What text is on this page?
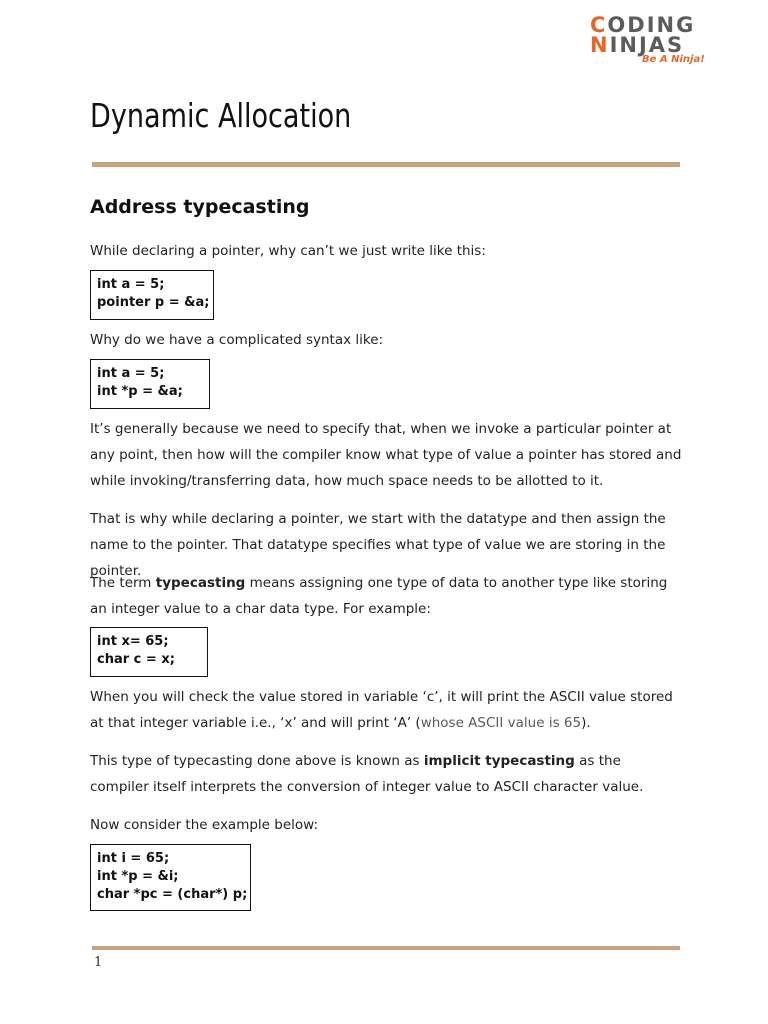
CODING
NINJAS
Be A Ninja!
Dynamic Allocation
Address typecasting

While declaring a pointer, why can’t we just write like this:

int a = 5;
pointer p = &a;

Why do we have a complicated syntax like:

int a = 5;
int *p = &a;

It’s generally because we need to specify that, when we invoke a particular pointer at any point, then how will the compiler know what type of value a pointer has stored and while invoking/transferring data, how much space needs to be allotted to it.

That is why while declaring a pointer, we start with the datatype and then assign the name to the pointer. That datatype specifies what type of value we are storing in the pointer.

The term typecasting means assigning one type of data to another type like storing an integer value to a char data type. For example:

int x= 65;
char c = x;

When you will check the value stored in variable ‘c’, it will print the ASCII value stored at that integer variable i.e., ‘x’ and will print ‘A’ (whose ASCII value is 65).

This type of typecasting done above is known as implicit typecasting as the compiler itself interprets the conversion of integer value to ASCII character value.

Now consider the example below:

int i = 65;
int *p = &i;
char *pc = (char*) p;
1
